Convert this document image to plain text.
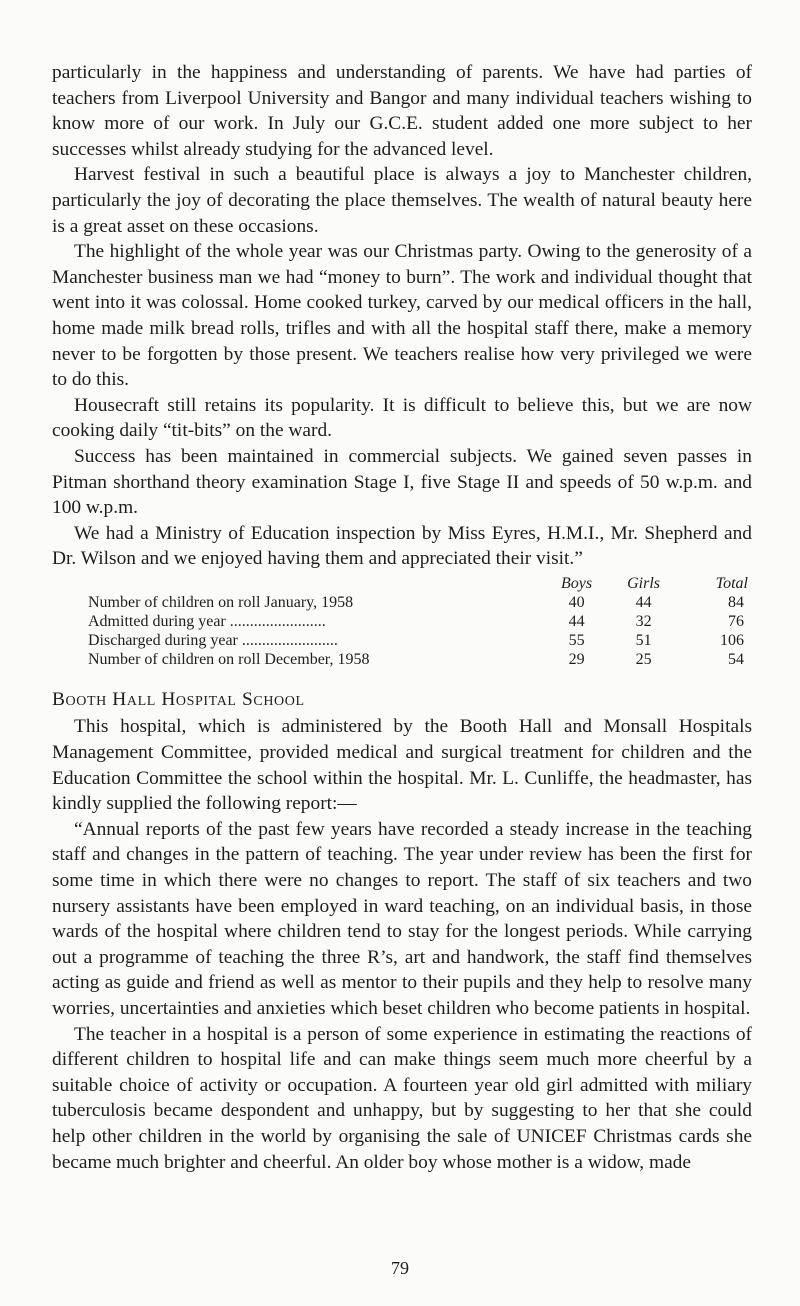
particularly in the happiness and understanding of parents. We have had parties of teachers from Liverpool University and Bangor and many individual teachers wishing to know more of our work. In July our G.C.E. student added one more subject to her successes whilst already studying for the advanced level.

Harvest festival in such a beautiful place is always a joy to Manchester children, particularly the joy of decorating the place themselves. The wealth of natural beauty here is a great asset on these occasions.

The highlight of the whole year was our Christmas party. Owing to the generosity of a Manchester business man we had “money to burn”. The work and individual thought that went into it was colossal. Home cooked turkey, carved by our medical officers in the hall, home made milk bread rolls, trifles and with all the hospital staff there, make a memory never to be forgotten by those present. We teachers realise how very privileged we were to do this.

Housecraft still retains its popularity. It is difficult to believe this, but we are now cooking daily “tit-bits” on the ward.

Success has been maintained in commercial subjects. We gained seven passes in Pitman shorthand theory examination Stage I, five Stage II and speeds of 50 w.p.m. and 100 w.p.m.

We had a Ministry of Education inspection by Miss Eyres, H.M.I., Mr. Shepherd and Dr. Wilson and we enjoyed having them and appreciated their visit.”

	Boys	Girls	Total
Number of children on roll January, 1958	40	44	84
Admitted during year ........................	44	32	76
Discharged during year ........................	55	51	106
Number of children on roll December, 1958	29	25	54
Booth Hall Hospital School

This hospital, which is administered by the Booth Hall and Monsall Hospitals Management Committee, provided medical and surgical treatment for children and the Education Committee the school within the hospital. Mr. L. Cunliffe, the headmaster, has kindly supplied the following report:—

“Annual reports of the past few years have recorded a steady increase in the teaching staff and changes in the pattern of teaching. The year under review has been the first for some time in which there were no changes to report. The staff of six teachers and two nursery assistants have been employed in ward teaching, on an individual basis, in those wards of the hospital where children tend to stay for the longest periods. While carrying out a programme of teaching the three R’s, art and handwork, the staff find themselves acting as guide and friend as well as mentor to their pupils and they help to resolve many worries, uncertainties and anxieties which beset children who become patients in hospital.

The teacher in a hospital is a person of some experience in estimating the reactions of different children to hospital life and can make things seem much more cheerful by a suitable choice of activity or occupation. A fourteen year old girl admitted with miliary tuberculosis became despondent and unhappy, but by suggesting to her that she could help other children in the world by organising the sale of UNICEF Christmas cards she became much brighter and cheerful. An older boy whose mother is a widow, made

79
